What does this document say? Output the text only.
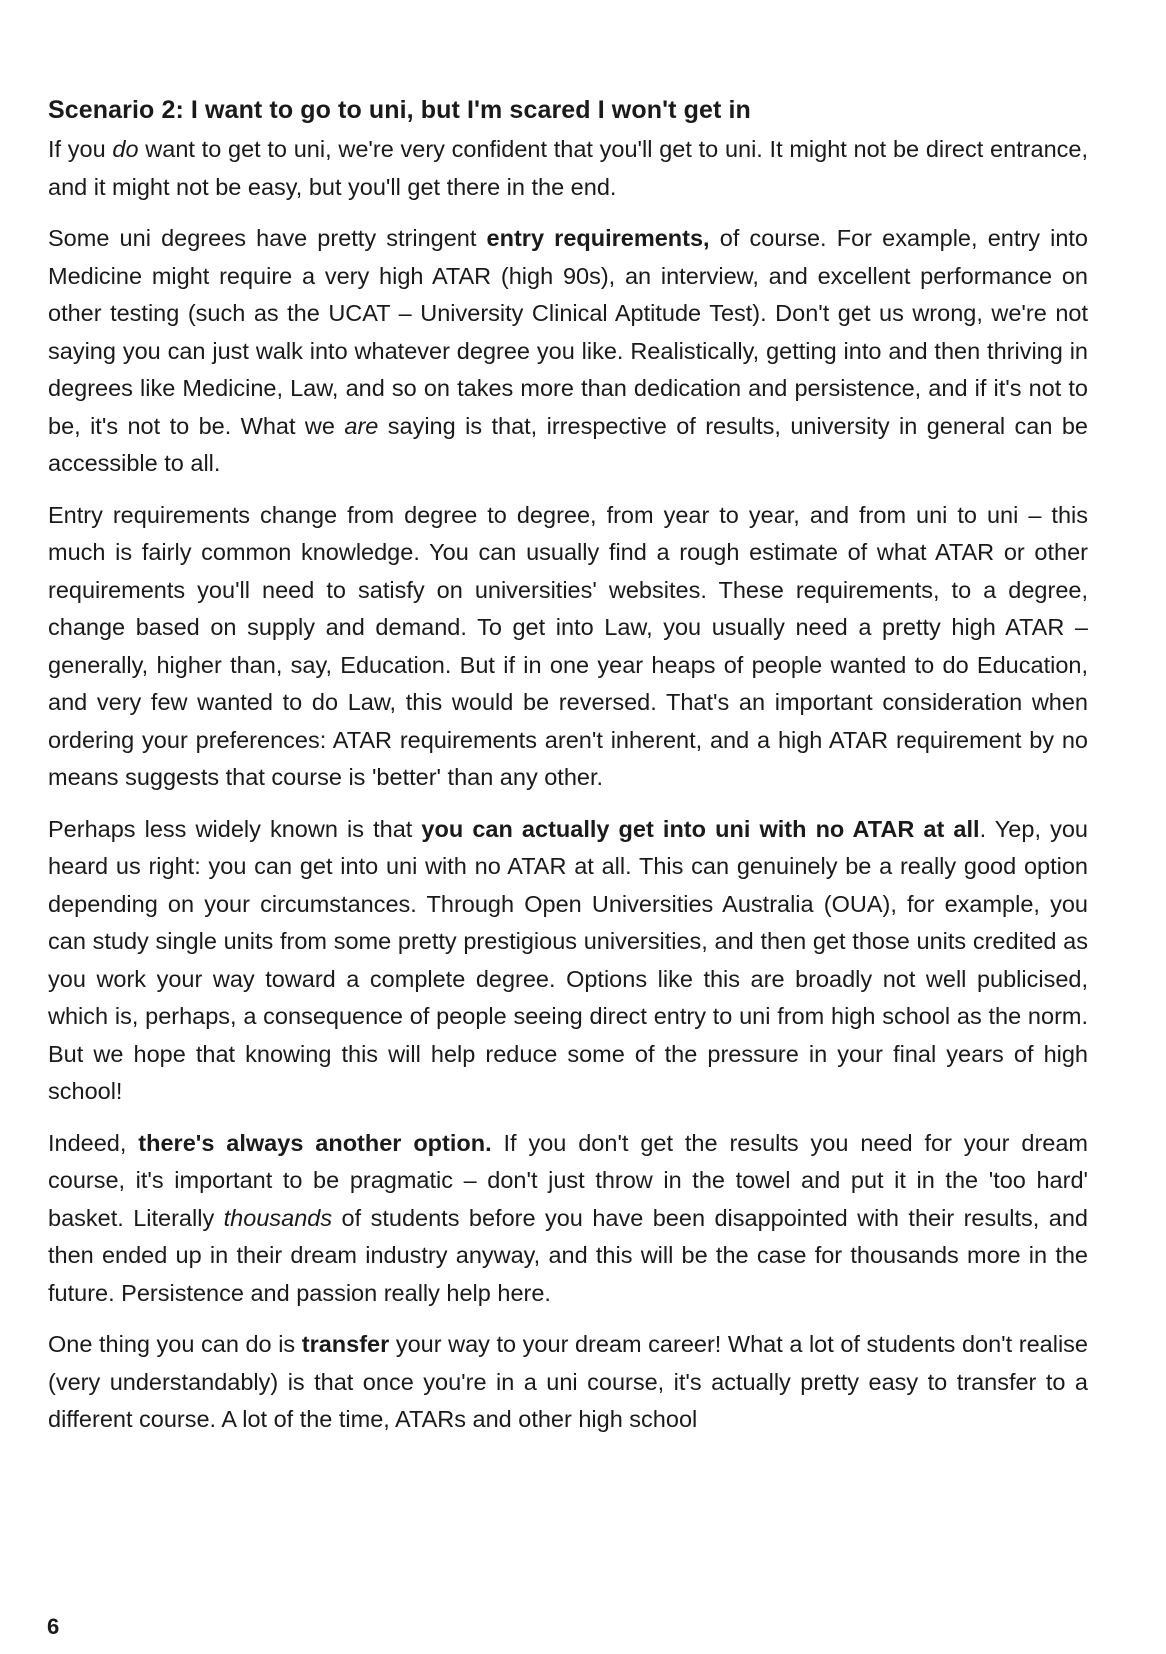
Scenario 2: I want to go to uni, but I'm scared I won't get in

If you do want to get to uni, we're very confident that you'll get to uni. It might not be direct entrance, and it might not be easy, but you'll get there in the end.

Some uni degrees have pretty stringent entry requirements, of course. For example, entry into Medicine might require a very high ATAR (high 90s), an interview, and excellent performance on other testing (such as the UCAT – University Clinical Aptitude Test). Don't get us wrong, we're not saying you can just walk into whatever degree you like. Realistically, getting into and then thriving in degrees like Medicine, Law, and so on takes more than dedication and persistence, and if it's not to be, it's not to be. What we are saying is that, irrespective of results, university in general can be accessible to all.

Entry requirements change from degree to degree, from year to year, and from uni to uni – this much is fairly common knowledge. You can usually find a rough estimate of what ATAR or other requirements you'll need to satisfy on universities' websites. These requirements, to a degree, change based on supply and demand. To get into Law, you usually need a pretty high ATAR – generally, higher than, say, Education. But if in one year heaps of people wanted to do Education, and very few wanted to do Law, this would be reversed. That's an important consideration when ordering your preferences: ATAR requirements aren't inherent, and a high ATAR requirement by no means suggests that course is 'better' than any other.

Perhaps less widely known is that you can actually get into uni with no ATAR at all. Yep, you heard us right: you can get into uni with no ATAR at all. This can genuinely be a really good option depending on your circumstances. Through Open Universities Australia (OUA), for example, you can study single units from some pretty prestigious universities, and then get those units credited as you work your way toward a complete degree. Options like this are broadly not well publicised, which is, perhaps, a consequence of people seeing direct entry to uni from high school as the norm. But we hope that knowing this will help reduce some of the pressure in your final years of high school!

Indeed, there's always another option. If you don't get the results you need for your dream course, it's important to be pragmatic – don't just throw in the towel and put it in the 'too hard' basket. Literally thousands of students before you have been disappointed with their results, and then ended up in their dream industry anyway, and this will be the case for thousands more in the future. Persistence and passion really help here.

One thing you can do is transfer your way to your dream career! What a lot of students don't realise (very understandably) is that once you're in a uni course, it's actually pretty easy to transfer to a different course. A lot of the time, ATARs and other high school

6
